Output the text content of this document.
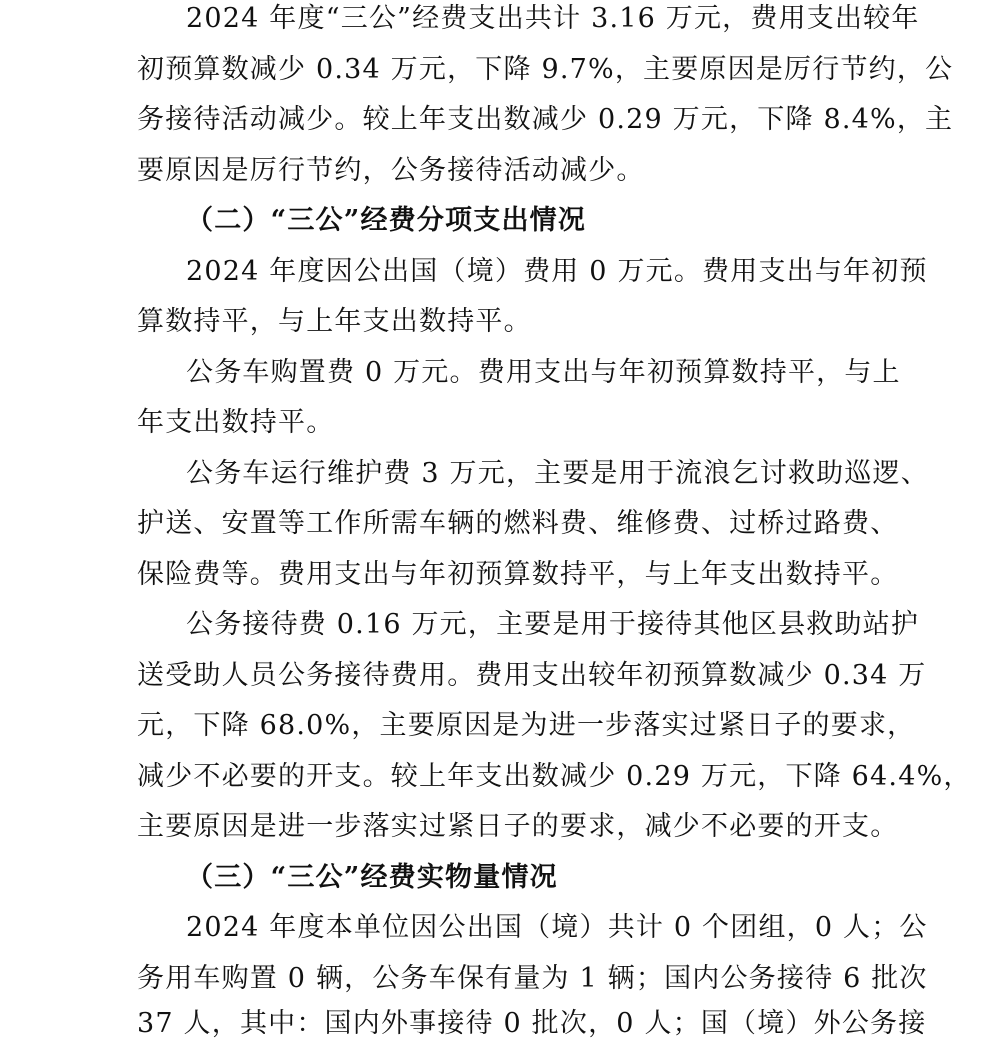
2024 年度“三公”经费支出共计 3.16 万元，费用支出较年
初预算数减少 0.34 万元，下降 9.7%，主要原因是厉行节约，公
务接待活动减少。较上年支出数减少 0.29 万元，下降 8.4%，主
要原因是厉行节约，公务接待活动减少。
（二）“三公”经费分项支出情况
2024 年度因公出国（境）费用 0 万元。费用支出与年初预
算数持平，与上年支出数持平。
公务车购置费 0 万元。费用支出与年初预算数持平，与上
年支出数持平。
公务车运行维护费 3 万元，主要是用于流浪乞讨救助巡逻、
护送、安置等工作所需车辆的燃料费、维修费、过桥过路费、
保险费等。费用支出与年初预算数持平，与上年支出数持平。
公务接待费 0.16 万元，主要是用于接待其他区县救助站护
送受助人员公务接待费用。费用支出较年初预算数减少 0.34 万
元，下降 68.0%，主要原因是为进一步落实过紧日子的要求，
减少不必要的开支。较上年支出数减少 0.29 万元，下降 64.4%，
主要原因是进一步落实过紧日子的要求，减少不必要的开支。
（三）“三公”经费实物量情况
2024 年度本单位因公出国（境）共计 0 个团组，0 人；公
务用车购置 0 辆，公务车保有量为 1 辆；国内公务接待 6 批次
37 人，其中：国内外事接待 0 批次，0 人；国（境）外公务接
